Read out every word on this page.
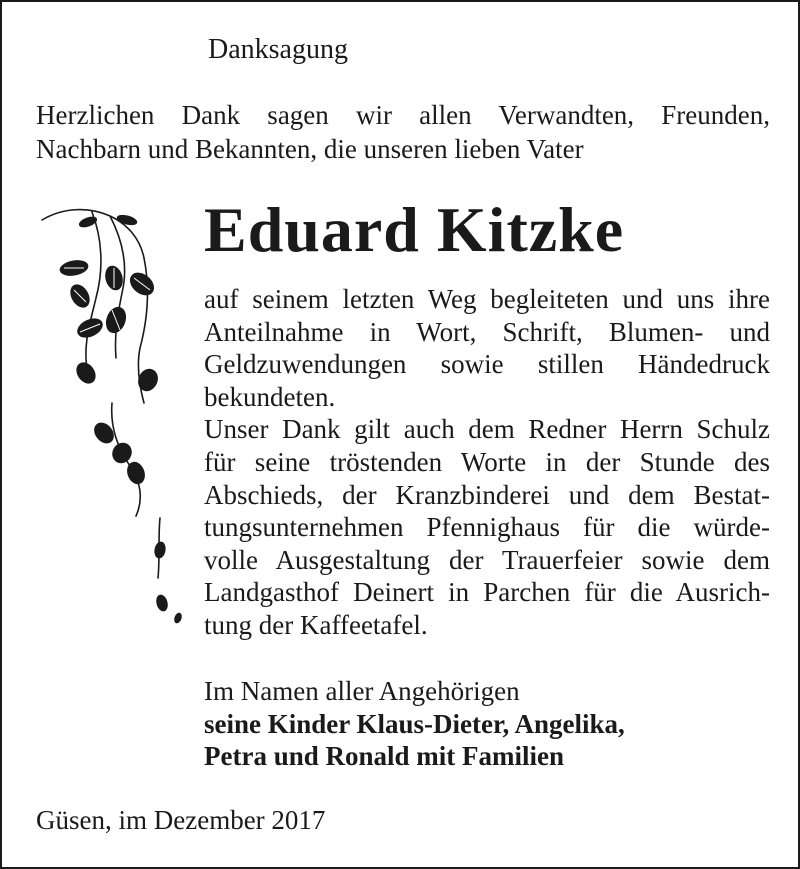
Danksagung
Herzlichen Dank sagen wir allen Verwandten, Freunden,
Nachbarn und Bekannten, die unseren lieben Vater
Eduard Kitzke
auf seinem letzten Weg begleiteten und uns ihre
Anteilnahme in Wort, Schrift, Blumen- und
Geldzuwendungen sowie stillen Händedruck
bekundeten.
Unser Dank gilt auch dem Redner Herrn Schulz
für seine tröstenden Worte in der Stunde des
Abschieds, der Kranzbinderei und dem Bestat-
tungsunternehmen Pfennighaus für die würde-
volle Ausgestaltung der Trauerfeier sowie dem
Landgasthof Deinert in Parchen für die Ausrich-
tung der Kaffeetafel.
Im Namen aller Angehörigen
seine Kinder Klaus-Dieter, Angelika,
Petra und Ronald mit Familien
Güsen, im Dezember 2017
